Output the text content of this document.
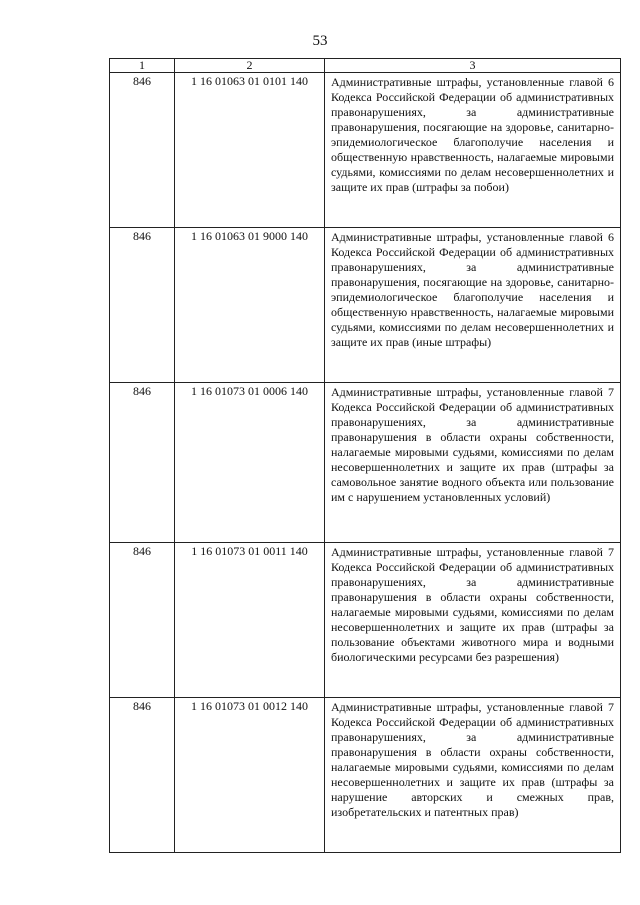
53
1	2	3
846	1 16 01063 01 0101 140	Административные штрафы, установленные главой 6 Кодекса Российской Федерации об административных правонарушениях, за административные правонарушения, посягающие на здоровье, санитарно-эпидемиологическое благополучие населения и общественную нравственность, налагаемые мировыми судьями, комиссиями по делам несовершеннолетних и защите их прав (штрафы за побои)
846	1 16 01063 01 9000 140	Административные штрафы, установленные главой 6 Кодекса Российской Федерации об административных правонарушениях, за административные правонарушения, посягающие на здоровье, санитарно-эпидемиологическое благополучие населения и общественную нравственность, налагаемые мировыми судьями, комиссиями по делам несовершеннолетних и защите их прав (иные штрафы)
846	1 16 01073 01 0006 140	Административные штрафы, установленные главой 7 Кодекса Российской Федерации об административных правонарушениях, за административные правонарушения в области охраны собственности, налагаемые мировыми судьями, комиссиями по делам несовершеннолетних и защите их прав (штрафы за самовольное занятие водного объекта или пользование им с нарушением установленных условий)
846	1 16 01073 01 0011 140	Административные штрафы, установленные главой 7 Кодекса Российской Федерации об административных правонарушениях, за административные правонарушения в области охраны собственности, налагаемые мировыми судьями, комиссиями по делам несовершеннолетних и защите их прав (штрафы за пользование объектами животного мира и водными биологическими ресурсами без разрешения)
846	1 16 01073 01 0012 140	Административные штрафы, установленные главой 7 Кодекса Российской Федерации об административных правонарушениях, за административные правонарушения в области охраны собственности, налагаемые мировыми судьями, комиссиями по делам несовершеннолетних и защите их прав (штрафы за нарушение авторских и смежных прав, изобретательских и патентных прав)
